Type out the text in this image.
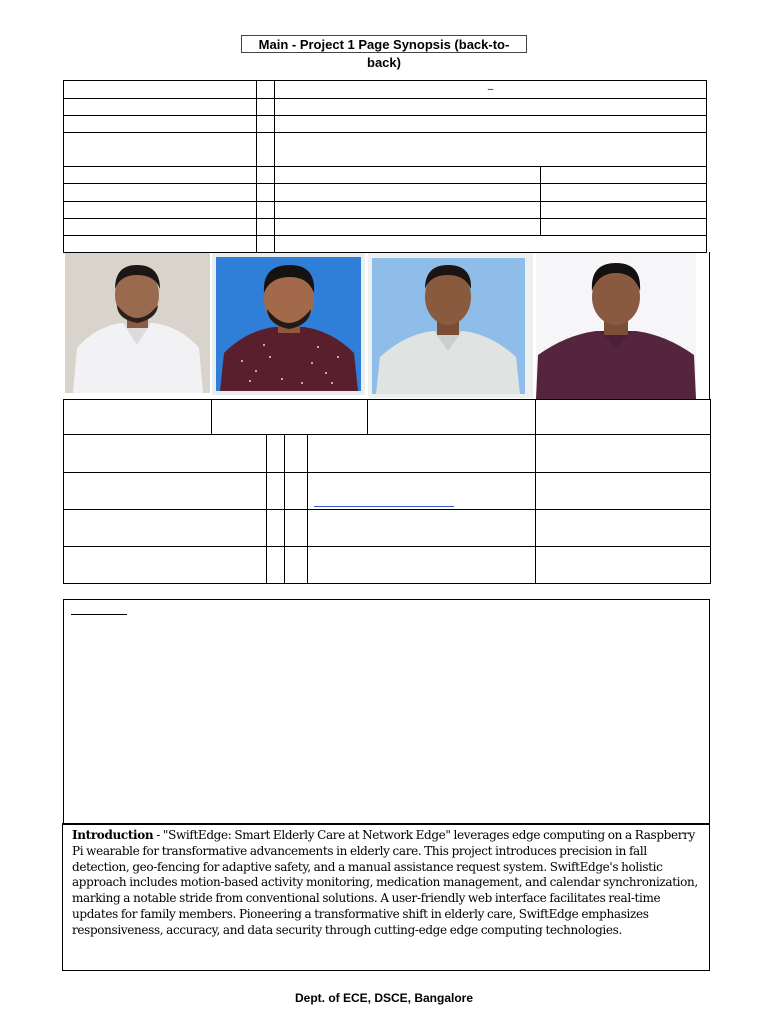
Main - Project 1 Page Synopsis (back-to-back)

		–	

Introduction - "SwiftEdge: Smart Elderly Care at Network Edge" leverages edge computing on a Raspberry Pi wearable for transformative advancements in elderly care. This project introduces precision in fall detection, geo-fencing for adaptive safety, and a manual assistance request system. SwiftEdge's holistic approach includes motion-based activity monitoring, medication management, and calendar synchronization, marking a notable stride from conventional solutions. A user-friendly web interface facilitates real-time updates for family members. Pioneering a transformative shift in elderly care, SwiftEdge emphasizes responsiveness, accuracy, and data security through cutting-edge edge computing technologies.
Dept. of ECE, DSCE, Bangalore
